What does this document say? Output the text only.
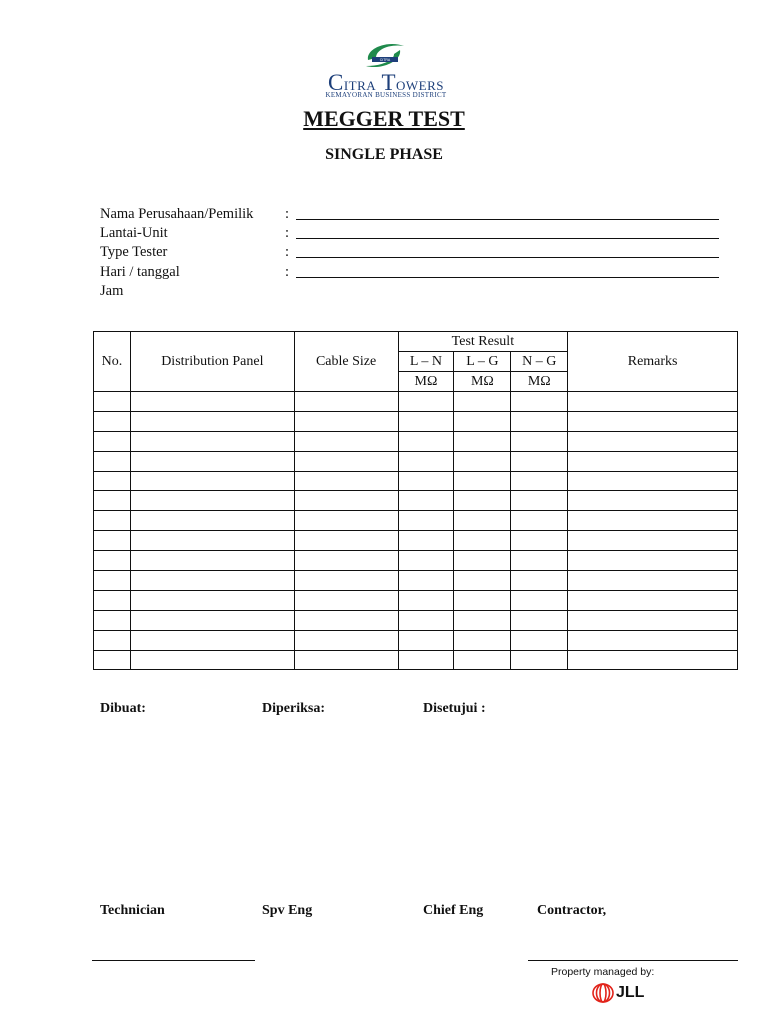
CITRA
Citra Towers
KEMAYORAN BUSINESS DISTRICT
MEGGER TEST
SINGLE PHASE
Nama Perusahaan/Pemilik :
Lantai-Unit	:
Type Tester	:
Hari / tanggal	:
Jam
No.	Distribution Panel	Cable Size	Test Result			Remarks
			L – N	L – G	N – G	
			MΩ	MΩ	MΩ	

Dibuat:	Diperiksa:	Disetujui :
Technician	Spv Eng	Chief Eng	Contractor,
Property managed by:
JLL
